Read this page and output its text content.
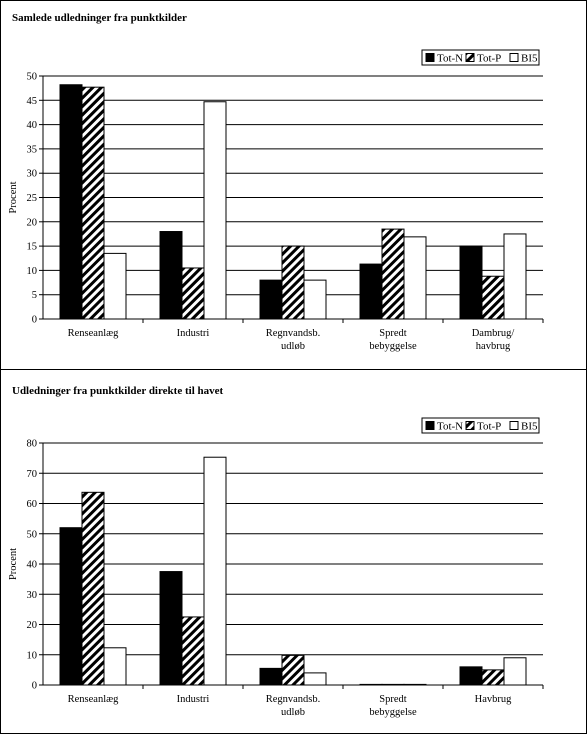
Samlede udledninger fra punktkilder
0
5
10
15
20
25
30
35
40
45
50
Procent
Renseanlæg	Industri	Regnvandsb.
udløb
Spredt
bebyggelse
Dambrug/
havbrug
Tot-N Tot-P BI5
Udledninger fra punktkilder direkte til havet
0
10
20
30
40
50
60
70
80
Procent
Renseanlæg	Industri	Regnvandsb.
udløb
Spredt
bebyggelse
Havbrug
Tot-N Tot-P BI5
